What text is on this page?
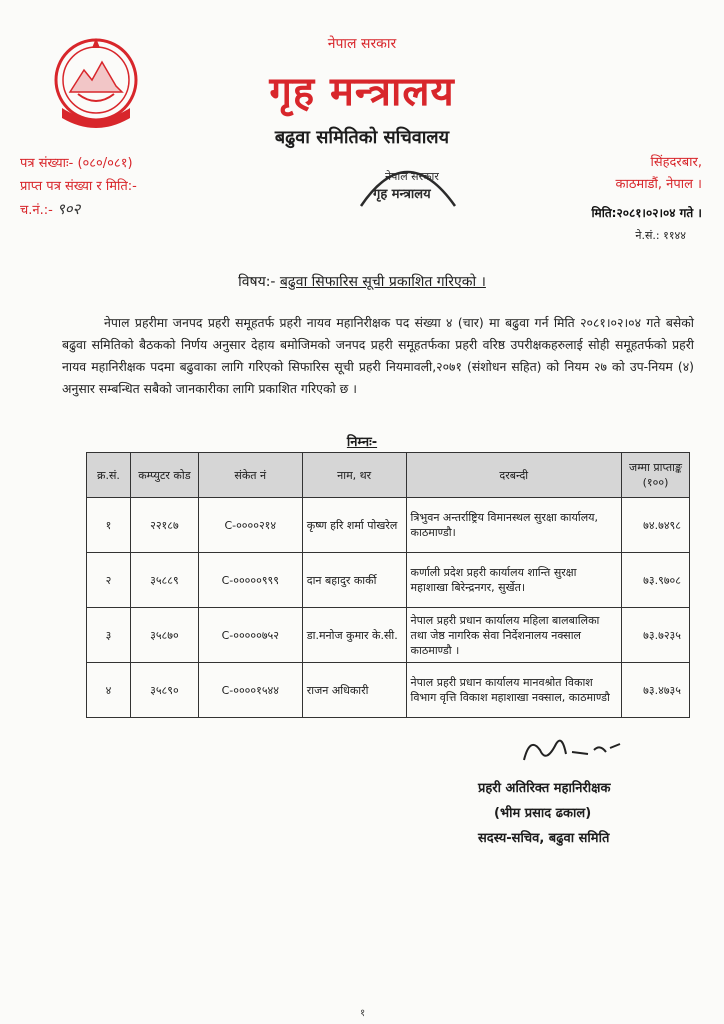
नेपाल सरकार
गृह मन्त्रालय
बढुवा समितिको सचिवालय
नेपाल सरकार
गृह मन्त्रालय
पत्र संख्याः- (०८०/०८१)
प्राप्त पत्र संख्या र मिति:-
च.नं.:- ९०२
सिंहदरबार,
काठमाडौं, नेपाल ।
मिति:२०८१।०२।०४ गते ।
ने.सं.: ११४४
विषय:- बढुवा सिफारिस सूची प्रकाशित गरिएको ।
नेपाल प्रहरीमा जनपद प्रहरी समूहतर्फ प्रहरी नायव महानिरीक्षक पद संख्या ४ (चार) मा बढुवा गर्न मिति २०८१।०२।०४ गते बसेको बढुवा समितिको बैठकको निर्णय अनुसार देहाय बमोजिमको जनपद प्रहरी समूहतर्फका प्रहरी वरिष्ठ उपरीक्षकहरुलाई सोही समूहतर्फको प्रहरी नायव महानिरीक्षक पदमा बढुवाका लागि गरिएको सिफारिस सूची प्रहरी नियमावली,२०७१ (संशोधन सहित) को नियम २७ को उप-नियम (४) अनुसार सम्बन्धित सबैको जानकारीका लागि प्रकाशित गरिएको छ ।
निम्नः-
क्र.सं.	कम्प्युटर कोड	संकेत नं	नाम, थर	दरबन्दी	जम्मा प्राप्ताङ्क (१००)
१	२२१८७	C-००००२१४	कृष्ण हरि शर्मा पोखरेल	त्रिभुवन अन्तर्राष्ट्रिय विमानस्थल सुरक्षा कार्यालय, काठमाण्डौ।	७४.७४९८
२	३५८८९	C-०००००९९९	दान बहादुर कार्की	कर्णाली प्रदेश प्रहरी कार्यालय शान्ति सुरक्षा महाशाखा बिरेन्द्रनगर, सुर्खेत।	७३.९७०८
३	३५८७०	C-०००००७५२	डा.मनोज कुमार के.सी.	नेपाल प्रहरी प्रधान कार्यालय महिला बालबालिका तथा जेष्ठ नागरिक सेवा निर्देशनालय नक्साल काठमाण्डौ ।	७३.७२३५
४	३५८९०	C-००००१५४४	राजन अधिकारी	नेपाल प्रहरी प्रधान कार्यालय मानवश्रोत विकाश विभाग वृत्ति विकाश महाशाखा नक्साल, काठमाण्डौ	७३.४७३५
प्रहरी अतिरिक्त महानिरीक्षक
(भीम प्रसाद ढकाल)
सदस्य-सचिव, बढुवा समिति
१
